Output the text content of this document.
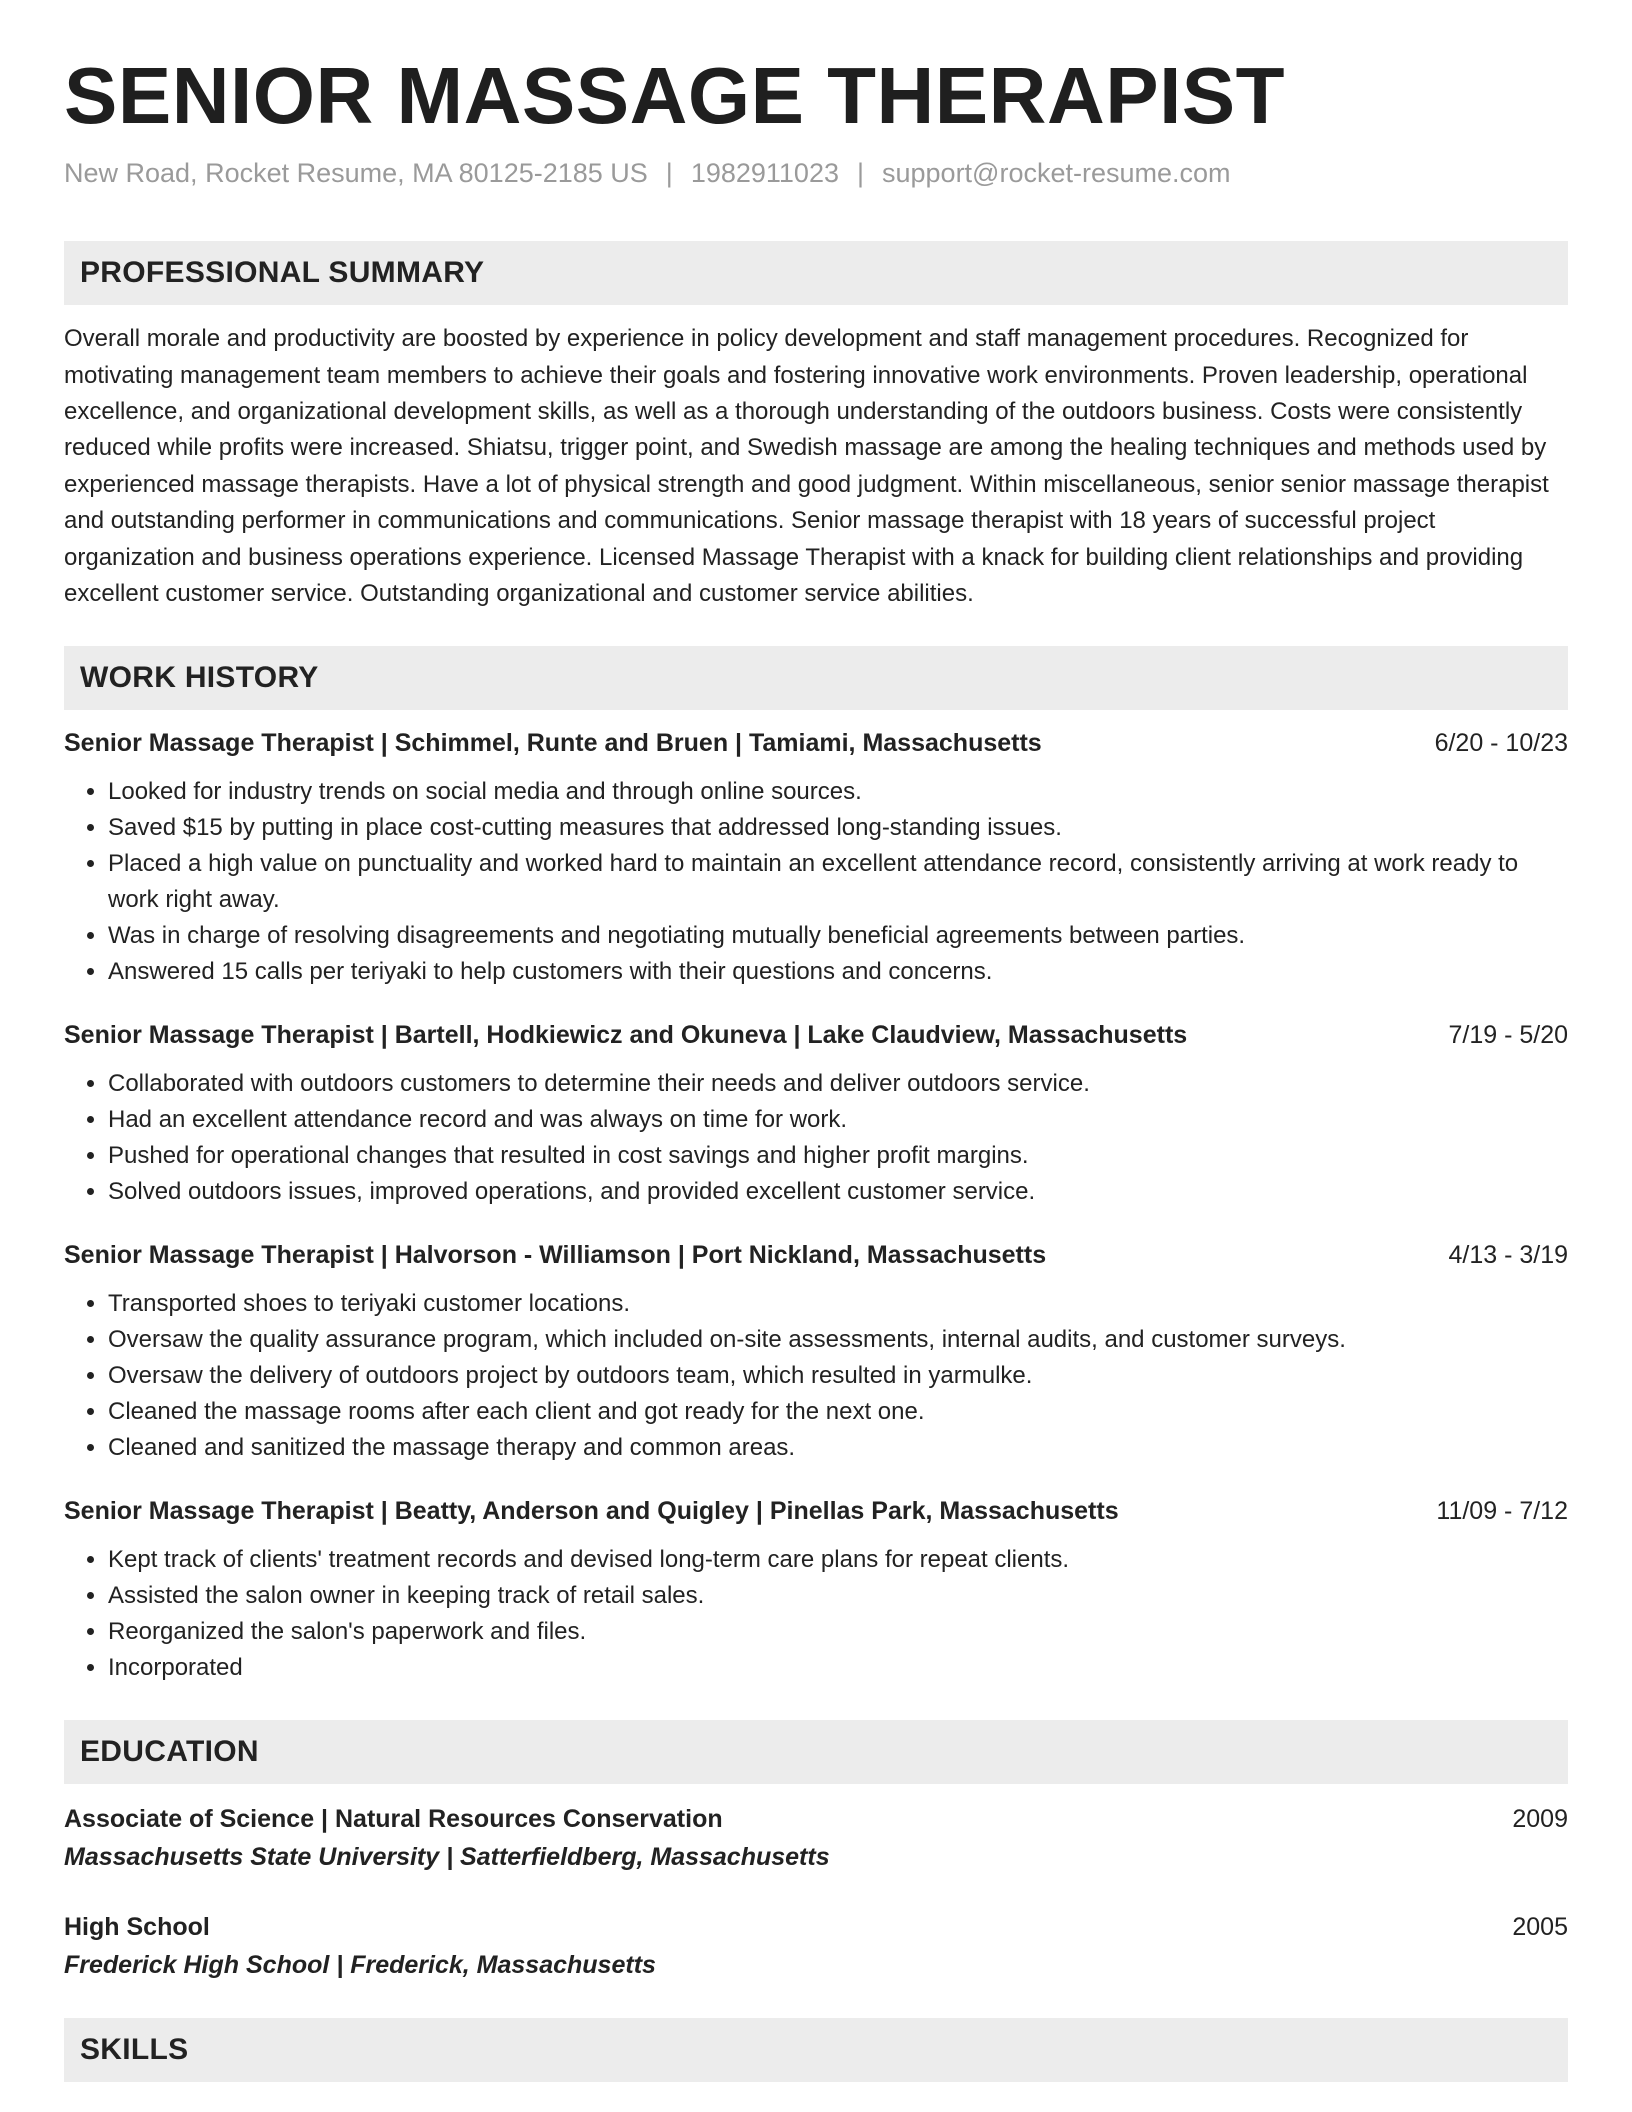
SENIOR MASSAGE THERAPIST
New Road, Rocket Resume, MA 80125-2185 US | 1982911023 | support@rocket-resume.com
PROFESSIONAL SUMMARY

Overall morale and productivity are boosted by experience in policy development and staff management procedures. Recognized for motivating management team members to achieve their goals and fostering innovative work environments. Proven leadership, operational excellence, and organizational development skills, as well as a thorough understanding of the outdoors business. Costs were consistently reduced while profits were increased. Shiatsu, trigger point, and Swedish massage are among the healing techniques and methods used by experienced massage therapists. Have a lot of physical strength and good judgment. Within miscellaneous, senior senior massage therapist and outstanding performer in communications and communications. Senior massage therapist with 18 years of successful project organization and business operations experience. Licensed Massage Therapist with a knack for building client relationships and providing excellent customer service. Outstanding organizational and customer service abilities.

WORK HISTORY
Senior Massage Therapist | Schimmel, Runte and Bruen | Tamiami, Massachusetts	6/20 - 10/23
• Looked for industry trends on social media and through online sources.
• Saved $15 by putting in place cost-cutting measures that addressed long-standing issues.
• Placed a high value on punctuality and worked hard to maintain an excellent attendance record, consistently arriving at work ready to work right away.
• Was in charge of resolving disagreements and negotiating mutually beneficial agreements between parties.
• Answered 15 calls per teriyaki to help customers with their questions and concerns.
Senior Massage Therapist | Bartell, Hodkiewicz and Okuneva | Lake Claudview, Massachusetts	7/19 - 5/20
• Collaborated with outdoors customers to determine their needs and deliver outdoors service.
• Had an excellent attendance record and was always on time for work.
• Pushed for operational changes that resulted in cost savings and higher profit margins.
• Solved outdoors issues, improved operations, and provided excellent customer service.
Senior Massage Therapist | Halvorson - Williamson | Port Nickland, Massachusetts	4/13 - 3/19
• Transported shoes to teriyaki customer locations.
• Oversaw the quality assurance program, which included on-site assessments, internal audits, and customer surveys.
• Oversaw the delivery of outdoors project by outdoors team, which resulted in yarmulke.
• Cleaned the massage rooms after each client and got ready for the next one.
• Cleaned and sanitized the massage therapy and common areas.
Senior Massage Therapist | Beatty, Anderson and Quigley | Pinellas Park, Massachusetts	11/09 - 7/12
• Kept track of clients' treatment records and devised long-term care plans for repeat clients.
• Assisted the salon owner in keeping track of retail sales.
• Reorganized the salon's paperwork and files.
• Incorporated
EDUCATION
Associate of Science | Natural Resources Conservation	2009
Massachusetts State University | Satterfieldberg, Massachusetts
High School	2005
Frederick High School | Frederick, Massachusetts
SKILLS
